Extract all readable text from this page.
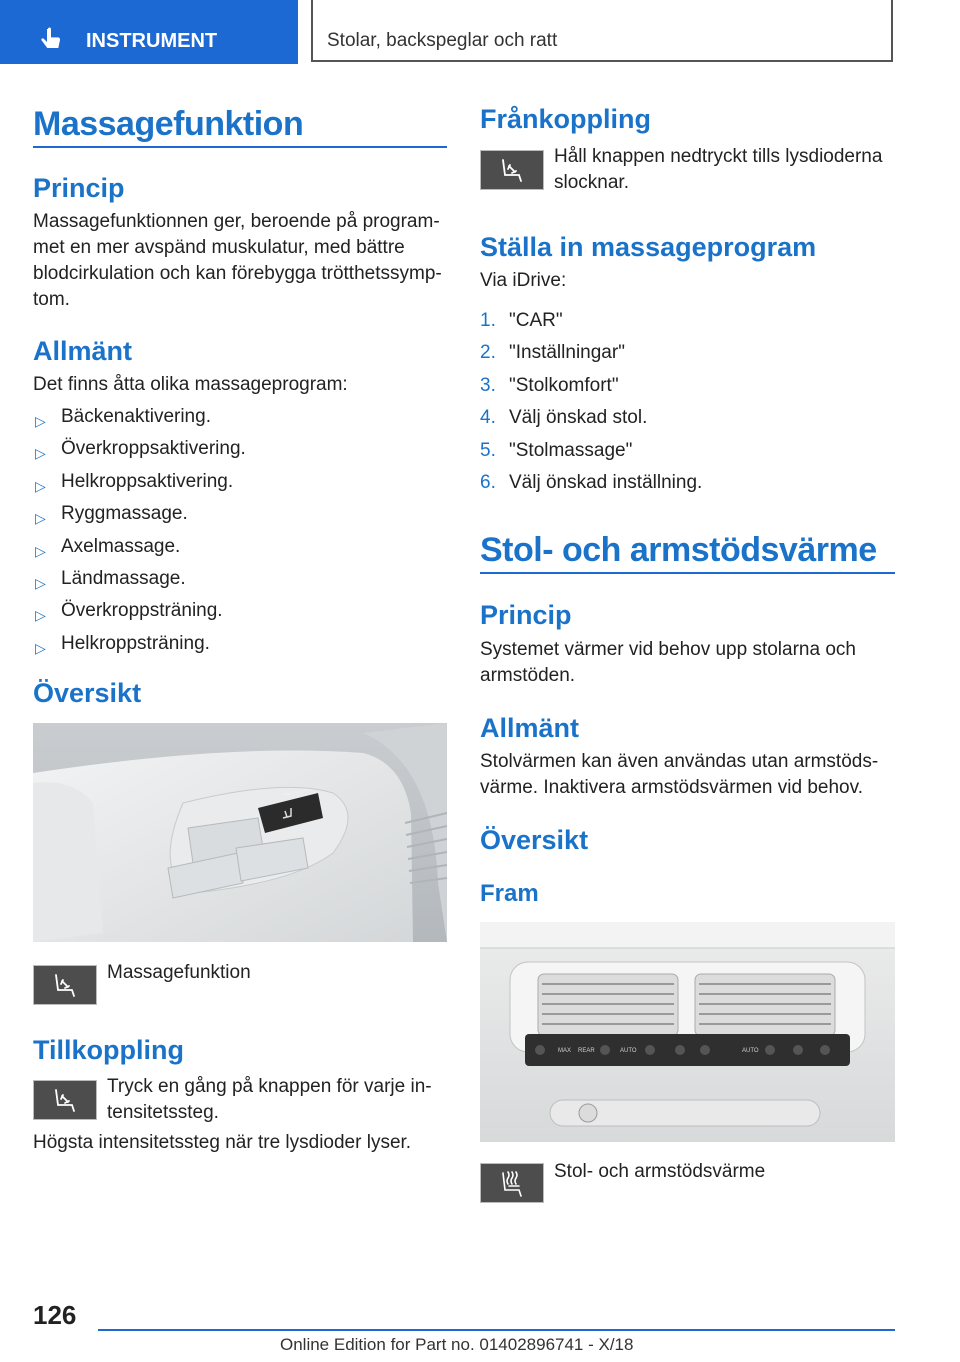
INSTRUMENT	Stolar, backspeglar och ratt
Massagefunktion
Princip
Massagefunktionnen ger, beroende på program-
met en mer avspänd muskulatur, med bättre
blodcirkulation och kan förebygga trötthetssymp-
tom.
Allmänt
Det finns åtta olika massageprogram:
▷ Bäckenaktivering.
▷ Överkroppsaktivering.
▷ Helkroppsaktivering.
▷ Ryggmassage.
▷ Axelmassage.
▷ Ländmassage.
▷ Överkroppsträning.
▷ Helkroppsträning.
Översikt
Massagefunktion
Tillkoppling
Tryck en gång på knappen för varje in-
tensitetssteg.
Högsta intensitetssteg när tre lysdioder lyser.
Frånkoppling
Håll knappen nedtryckt tills lysdioderna
slocknar.
Ställa in massageprogram
Via iDrive:
1. "CAR"
2. "Inställningar"
3. "Stolkomfort"
4. Välj önskad stol.
5. "Stolmassage"
6. Välj önskad inställning.
Stol- och armstödsvärme
Princip
Systemet värmer vid behov upp stolarna och
armstöden.
Allmänt
Stolvärmen kan även användas utan armstöds-
värme. Inaktivera armstödsvärmen vid behov.
Översikt
Fram
MAX REAR	AUTO	AUTO
Stol- och armstödsvärme
126
Online Edition for Part no. 01402896741 - X/18
